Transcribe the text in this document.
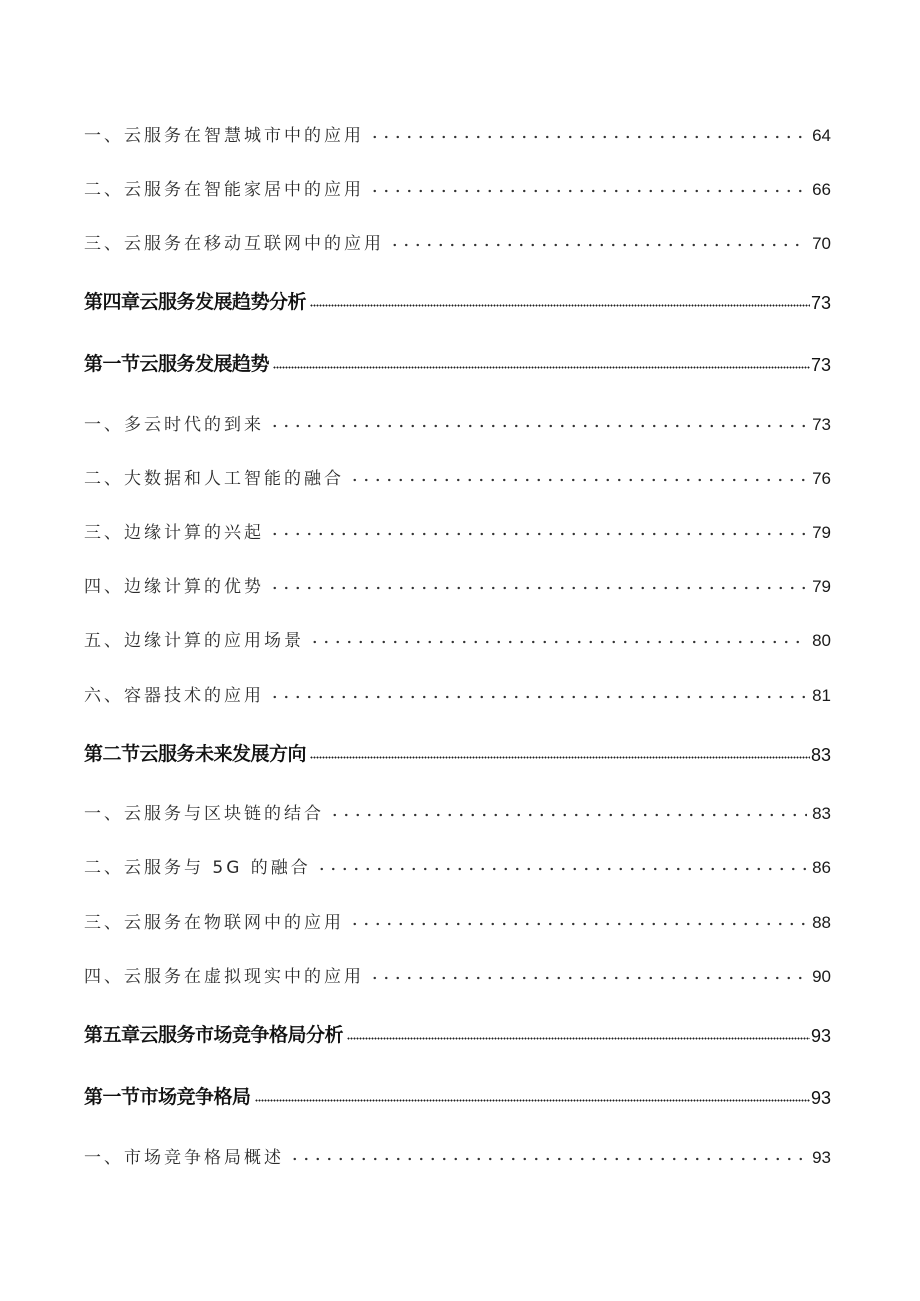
一、云服务在智慧城市中的应用	64
二、云服务在智能家居中的应用	66
三、云服务在移动互联网中的应用	70
第四章云服务发展趋势分析	73
第一节云服务发展趋势	73
一、多云时代的到来	73
二、大数据和人工智能的融合	76
三、边缘计算的兴起	79
四、边缘计算的优势	79
五、边缘计算的应用场景	80
六、容器技术的应用	81
第二节云服务未来发展方向	83
一、云服务与区块链的结合	83
二、云服务与 5G 的融合	86
三、云服务在物联网中的应用	88
四、云服务在虚拟现实中的应用	90
第五章云服务市场竞争格局分析	93
第一节市场竞争格局	93
一、市场竞争格局概述	93
